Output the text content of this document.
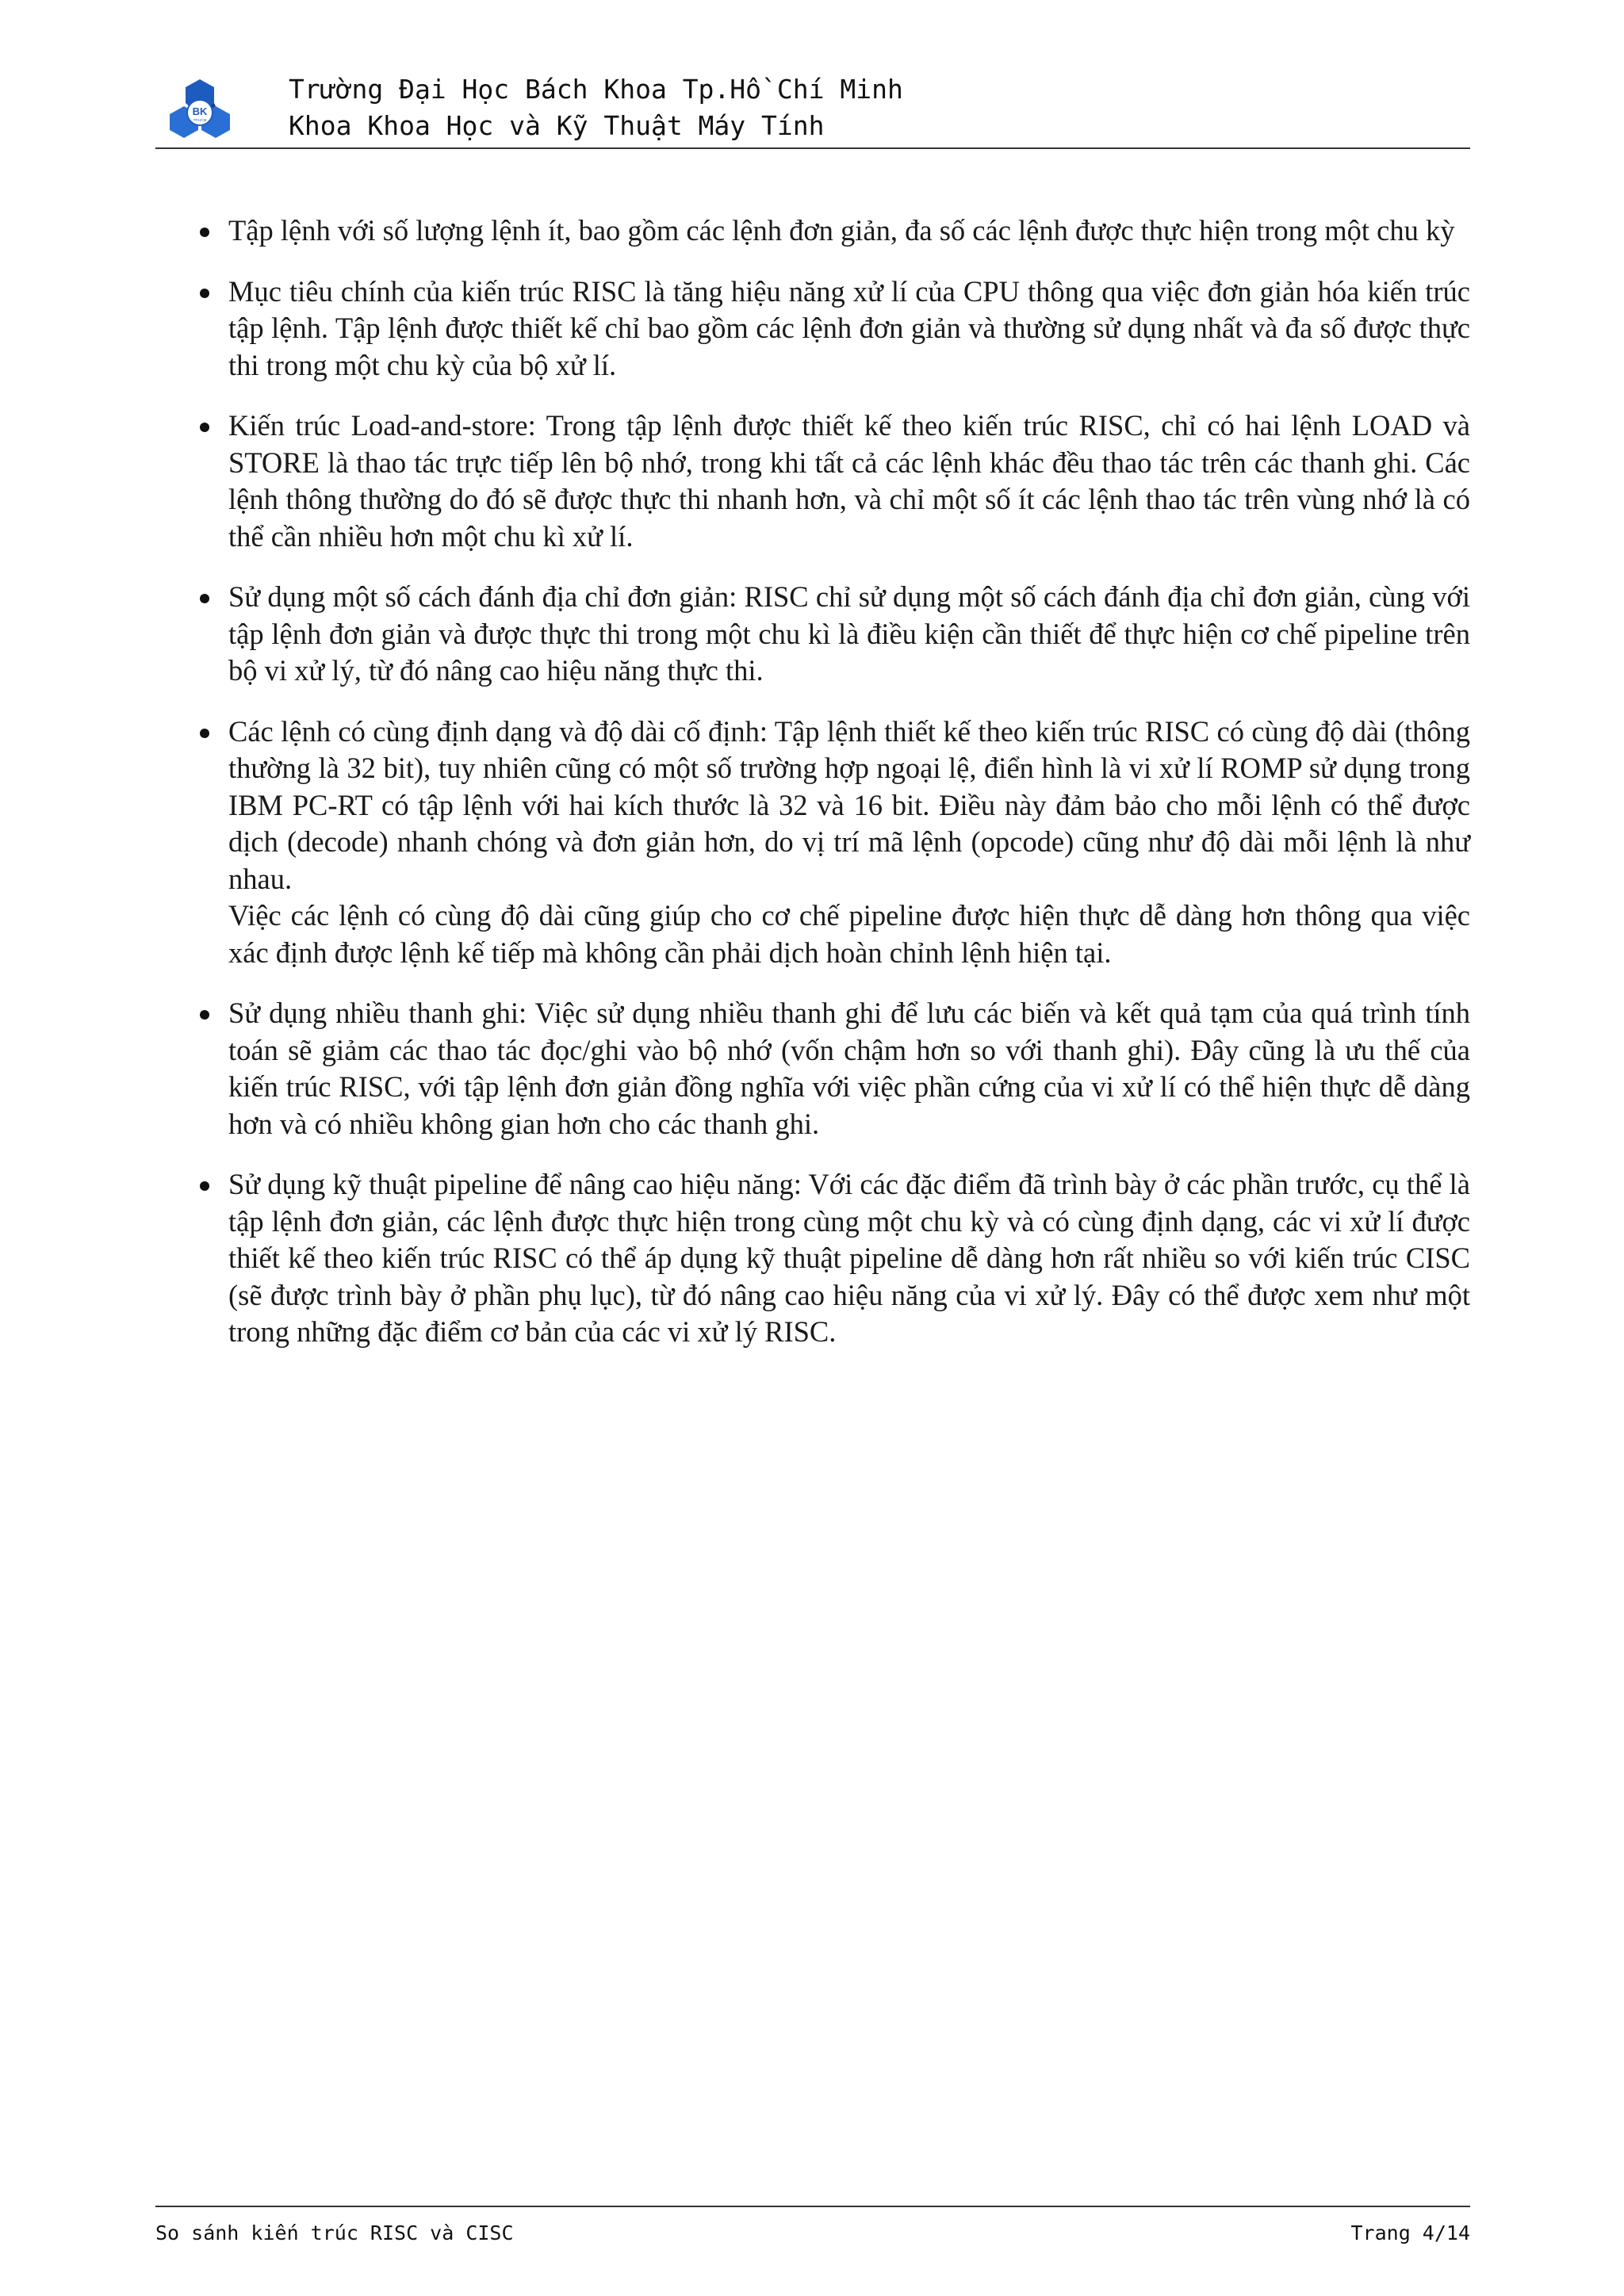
BK
TP.HCM
Trường Đại Học Bách Khoa Tp.Hồ Chí Minh
Khoa Khoa Học và Kỹ Thuật Máy Tính

Tập lệnh với số lượng lệnh ít, bao gồm các lệnh đơn giản, đa số các lệnh được thực hiện trong một chu kỳ

Mục tiêu chính của kiến trúc RISC là tăng hiệu năng xử lí của CPU thông qua việc đơn giản hóa kiến trúc tập lệnh. Tập lệnh được thiết kế chỉ bao gồm các lệnh đơn giản và thường sử dụng nhất và đa số được thực thi trong một chu kỳ của bộ xử lí.

Kiến trúc Load-and-store: Trong tập lệnh được thiết kế theo kiến trúc RISC, chỉ có hai lệnh LOAD và STORE là thao tác trực tiếp lên bộ nhớ, trong khi tất cả các lệnh khác đều thao tác trên các thanh ghi. Các lệnh thông thường do đó sẽ được thực thi nhanh hơn, và chỉ một số ít các lệnh thao tác trên vùng nhớ là có thể cần nhiều hơn một chu kì xử lí.

Sử dụng một số cách đánh địa chỉ đơn giản: RISC chỉ sử dụng một số cách đánh địa chỉ đơn giản, cùng với tập lệnh đơn giản và được thực thi trong một chu kì là điều kiện cần thiết để thực hiện cơ chế pipeline trên bộ vi xử lý, từ đó nâng cao hiệu năng thực thi.

Các lệnh có cùng định dạng và độ dài cố định: Tập lệnh thiết kế theo kiến trúc RISC có cùng độ dài (thông thường là 32 bit), tuy nhiên cũng có một số trường hợp ngoại lệ, điển hình là vi xử lí ROMP sử dụng trong IBM PC-RT có tập lệnh với hai kích thước là 32 và 16 bit. Điều này đảm bảo cho mỗi lệnh có thể được dịch (decode) nhanh chóng và đơn giản hơn, do vị trí mã lệnh (opcode) cũng như độ dài mỗi lệnh là như nhau.

Việc các lệnh có cùng độ dài cũng giúp cho cơ chế pipeline được hiện thực dễ dàng hơn thông qua việc xác định được lệnh kế tiếp mà không cần phải dịch hoàn chỉnh lệnh hiện tại.

Sử dụng nhiều thanh ghi: Việc sử dụng nhiều thanh ghi để lưu các biến và kết quả tạm của quá trình tính toán sẽ giảm các thao tác đọc/ghi vào bộ nhớ (vốn chậm hơn so với thanh ghi). Đây cũng là ưu thế của kiến trúc RISC, với tập lệnh đơn giản đồng nghĩa với việc phần cứng của vi xử lí có thể hiện thực dễ dàng hơn và có nhiều không gian hơn cho các thanh ghi.

Sử dụng kỹ thuật pipeline để nâng cao hiệu năng: Với các đặc điểm đã trình bày ở các phần trước, cụ thể là tập lệnh đơn giản, các lệnh được thực hiện trong cùng một chu kỳ và có cùng định dạng, các vi xử lí được thiết kế theo kiến trúc RISC có thể áp dụng kỹ thuật pipeline dễ dàng hơn rất nhiều so với kiến trúc CISC (sẽ được trình bày ở phần phụ lục), từ đó nâng cao hiệu năng của vi xử lý. Đây có thể được xem như một trong những đặc điểm cơ bản của các vi xử lý RISC.

So sánh kiến trúc RISC và CISC	Trang 4/14
